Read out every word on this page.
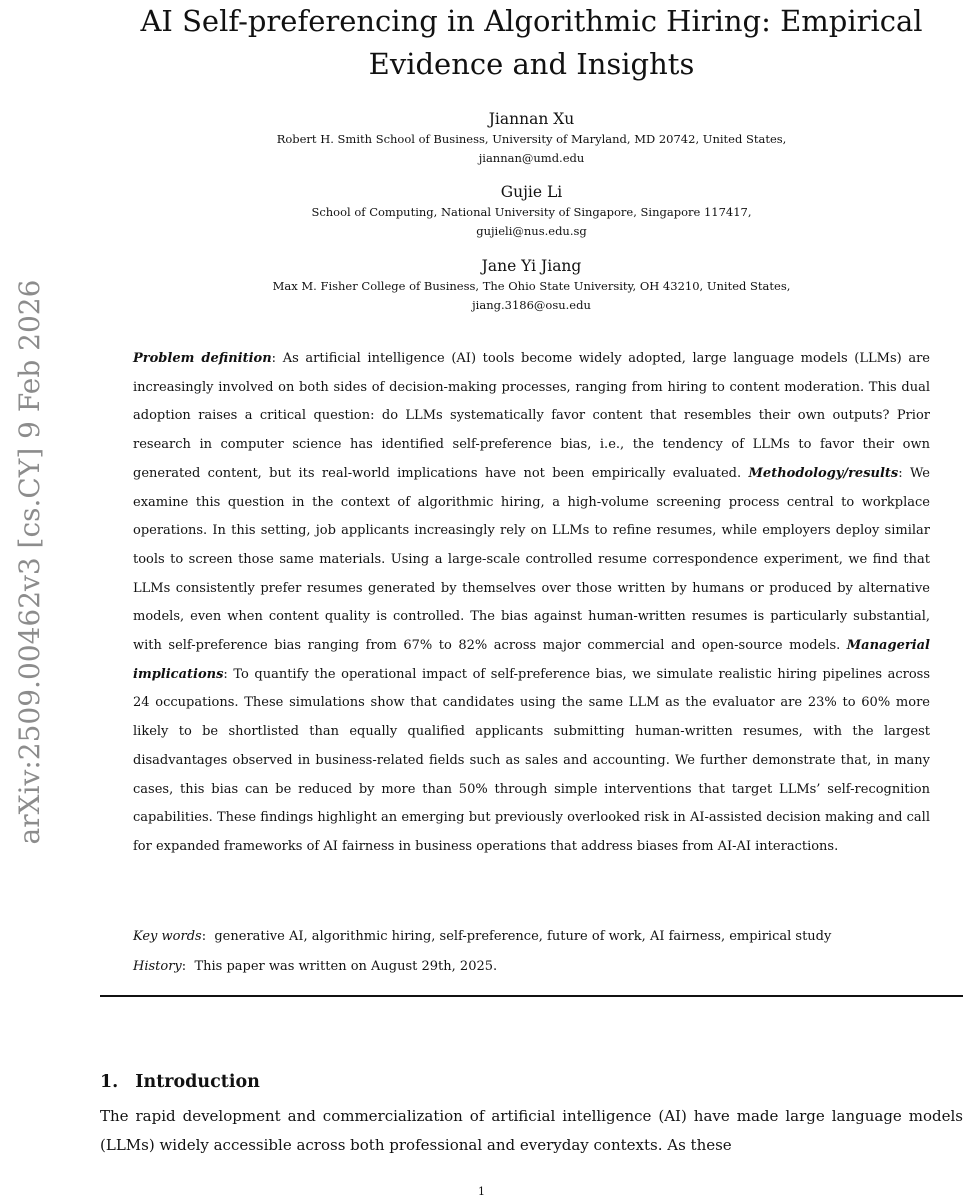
arXiv:2509.00462v3 [cs.CY] 9 Feb 2026
AI Self-preferencing in Algorithmic Hiring: Empirical
Evidence and Insights
Jiannan Xu
Robert H. Smith School of Business, University of Maryland, MD 20742, United States,
jiannan@umd.edu
Gujie Li
School of Computing, National University of Singapore, Singapore 117417,
gujieli@nus.edu.sg
Jane Yi Jiang
Max M. Fisher College of Business, The Ohio State University, OH 43210, United States,
jiang.3186@osu.edu

Problem definition: As artificial intelligence (AI) tools become widely adopted, large language models (LLMs) are increasingly involved on both sides of decision-making processes, ranging from hiring to content moderation. This dual adoption raises a critical question: do LLMs systematically favor content that resembles their own outputs? Prior research in computer science has identified self-preference bias, i.e., the tendency of LLMs to favor their own generated content, but its real-world implications have not been empirically evaluated. Methodology/results: We examine this question in the context of algorithmic hiring, a high-volume screening process central to workplace operations. In this setting, job applicants increasingly rely on LLMs to refine resumes, while employers deploy similar tools to screen those same materials. Using a large-scale controlled resume correspondence experiment, we find that LLMs consistently prefer resumes generated by themselves over those written by humans or produced by alternative models, even when content quality is controlled. The bias against human-written resumes is particularly substantial, with self-preference bias ranging from 67% to 82% across major commercial and open-source models. Managerial implications: To quantify the operational impact of self-preference bias, we simulate realistic hiring pipelines across 24 occupations. These simulations show that candidates using the same LLM as the evaluator are 23% to 60% more likely to be shortlisted than equally qualified applicants submitting human-written resumes, with the largest disadvantages observed in business-related fields such as sales and accounting. We further demonstrate that, in many cases, this bias can be reduced by more than 50% through simple interventions that target LLMs’ self-recognition capabilities. These findings highlight an emerging but previously overlooked risk in AI-assisted decision making and call for expanded frameworks of AI fairness in business operations that address biases from AI-AI interactions.

Key words:  generative AI, algorithmic hiring, self-preference, future of work, AI fairness, empirical study
History:  This paper was written on August 29th, 2025.
1. Introduction

The rapid development and commercialization of artificial intelligence (AI) have made large language models (LLMs) widely accessible across both professional and everyday contexts. As these

1
